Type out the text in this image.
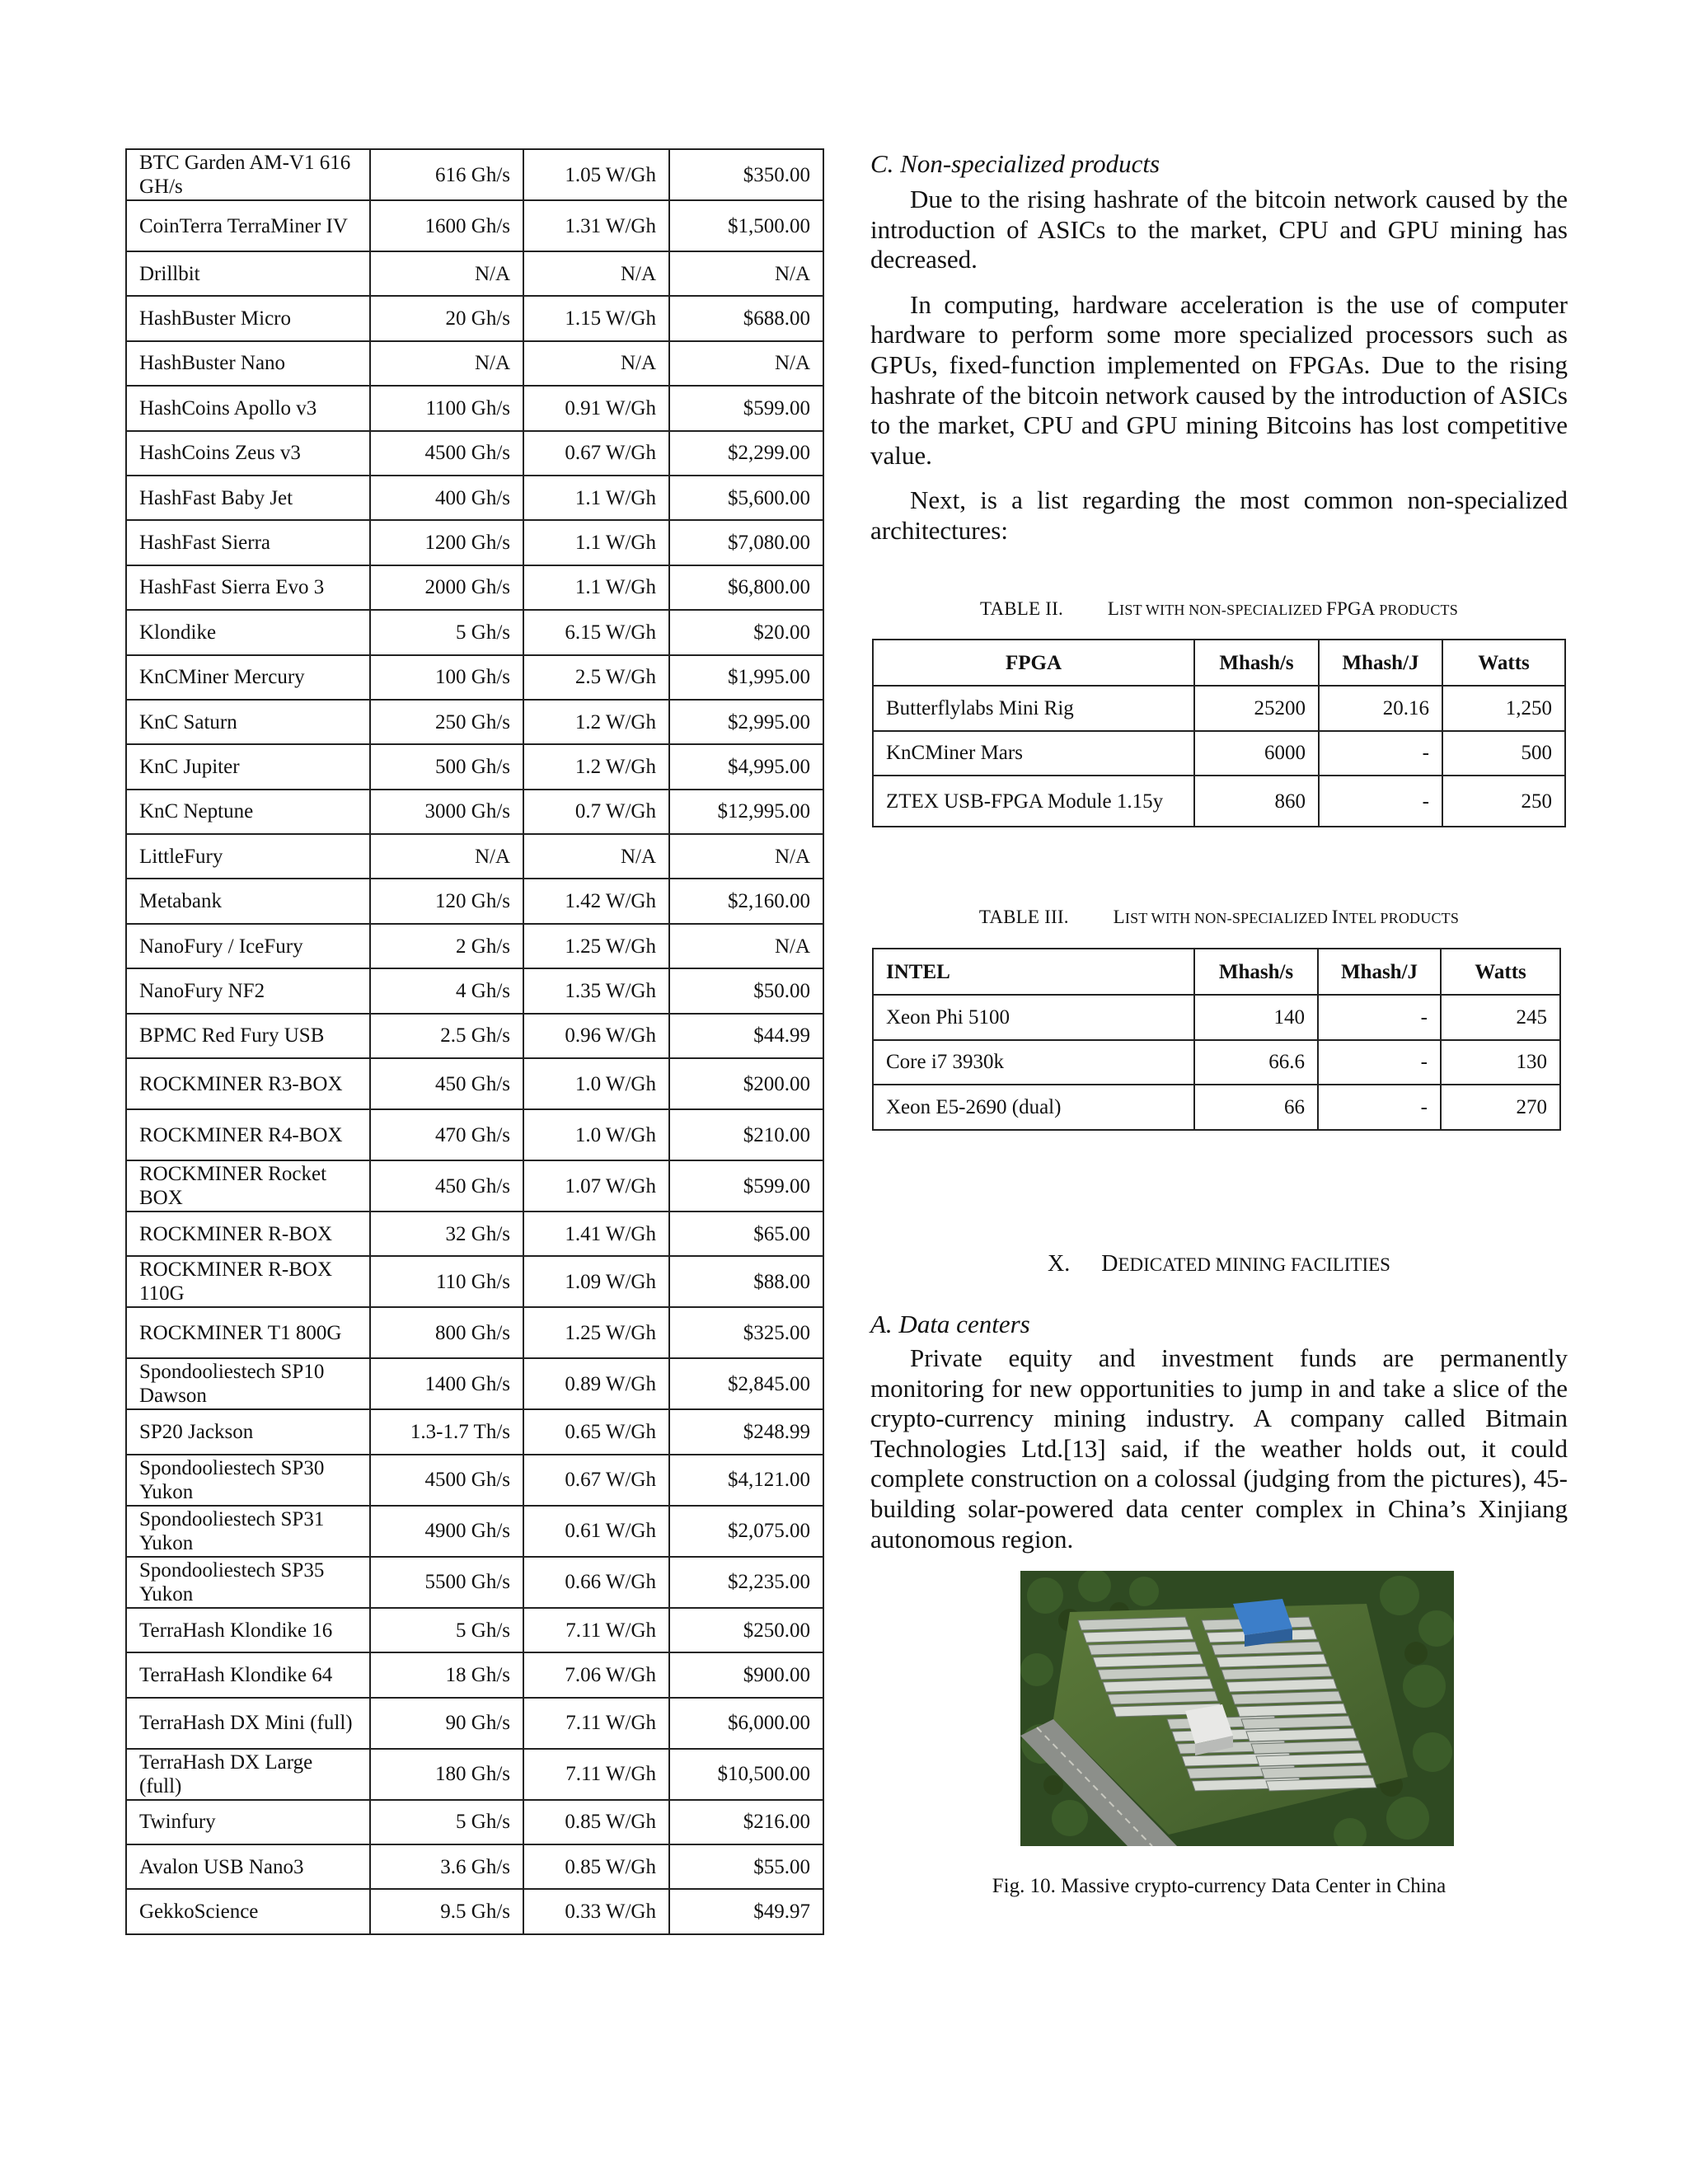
BTC Garden AM-V1 616 GH/s	616 Gh/s	1.05 W/Gh	$350.00
CoinTerra TerraMiner IV	1600 Gh/s	1.31 W/Gh	$1,500.00
Drillbit	N/A	N/A	N/A
HashBuster Micro	20 Gh/s	1.15 W/Gh	$688.00
HashBuster Nano	N/A	N/A	N/A
HashCoins Apollo v3	1100 Gh/s	0.91 W/Gh	$599.00
HashCoins Zeus v3	4500 Gh/s	0.67 W/Gh	$2,299.00
HashFast Baby Jet	400 Gh/s	1.1 W/Gh	$5,600.00
HashFast Sierra	1200 Gh/s	1.1 W/Gh	$7,080.00
HashFast Sierra Evo 3	2000 Gh/s	1.1 W/Gh	$6,800.00
Klondike	5 Gh/s	6.15 W/Gh	$20.00
KnCMiner Mercury	100 Gh/s	2.5 W/Gh	$1,995.00
KnC Saturn	250 Gh/s	1.2 W/Gh	$2,995.00
KnC Jupiter	500 Gh/s	1.2 W/Gh	$4,995.00
KnC Neptune	3000 Gh/s	0.7 W/Gh	$12,995.00
LittleFury	N/A	N/A	N/A
Metabank	120 Gh/s	1.42 W/Gh	$2,160.00
NanoFury / IceFury	2 Gh/s	1.25 W/Gh	N/A
NanoFury NF2	4 Gh/s	1.35 W/Gh	$50.00
BPMC Red Fury USB	2.5 Gh/s	0.96 W/Gh	$44.99
ROCKMINER R3-BOX	450 Gh/s	1.0 W/Gh	$200.00
ROCKMINER R4-BOX	470 Gh/s	1.0 W/Gh	$210.00
ROCKMINER Rocket BOX	450 Gh/s	1.07 W/Gh	$599.00
ROCKMINER R-BOX	32 Gh/s	1.41 W/Gh	$65.00
ROCKMINER R-BOX 110G	110 Gh/s	1.09 W/Gh	$88.00
ROCKMINER T1 800G	800 Gh/s	1.25 W/Gh	$325.00
Spondooliestech SP10 Dawson	1400 Gh/s	0.89 W/Gh	$2,845.00
SP20 Jackson	1.3-1.7 Th/s	0.65 W/Gh	$248.99
Spondooliestech SP30 Yukon	4500 Gh/s	0.67 W/Gh	$4,121.00
Spondooliestech SP31 Yukon	4900 Gh/s	0.61 W/Gh	$2,075.00
Spondooliestech SP35 Yukon	5500 Gh/s	0.66 W/Gh	$2,235.00
TerraHash Klondike 16	5 Gh/s	7.11 W/Gh	$250.00
TerraHash Klondike 64	18 Gh/s	7.06 W/Gh	$900.00
TerraHash DX Mini (full)	90 Gh/s	7.11 W/Gh	$6,000.00
TerraHash DX Large (full)	180 Gh/s	7.11 W/Gh	$10,500.00
Twinfury	5 Gh/s	0.85 W/Gh	$216.00
Avalon USB Nano3	3.6 Gh/s	0.85 W/Gh	$55.00
GekkoScience	9.5 Gh/s	0.33 W/Gh	$49.97
C. Non-specialized products

Due to the rising hashrate of the bitcoin network caused by the introduction of ASICs to the market, CPU and GPU mining has decreased.

In computing, hardware acceleration is the use of computer hardware to perform some more specialized processors such as GPUs, fixed-function implemented on FPGAs. Due to the rising hashrate of the bitcoin network caused by the introduction of ASICs to the market, CPU and GPU mining Bitcoins has lost competitive value.

Next, is a list regarding the most common non-specialized architectures:

TABLE II. LIST WITH NON-SPECIALIZED FPGA PRODUCTS
FPGA	Mhash/s	Mhash/J	Watts
Butterflylabs Mini Rig	25200	20.16	1,250
KnCMiner Mars	6000	-	500
ZTEX USB-FPGA Module 1.15y	860	-	250
TABLE III. LIST WITH NON-SPECIALIZED INTEL PRODUCTS
INTEL	Mhash/s	Mhash/J	Watts
Xeon Phi 5100	140	-	245
Core i7 3930k	66.6	-	130
Xeon E5-2690 (dual)	66	-	270
X. DEDICATED MINING FACILITIES
A. Data centers

Private equity and investment funds are permanently monitoring for new opportunities to jump in and take a slice of the crypto-currency mining industry. A company called Bitmain Technologies Ltd.[13] said, if the weather holds out, it could complete construction on a colossal (judging from the pictures), 45-building solar-powered data center complex in China’s Xinjiang autonomous region.

Fig. 10. Massive crypto-currency Data Center in China
